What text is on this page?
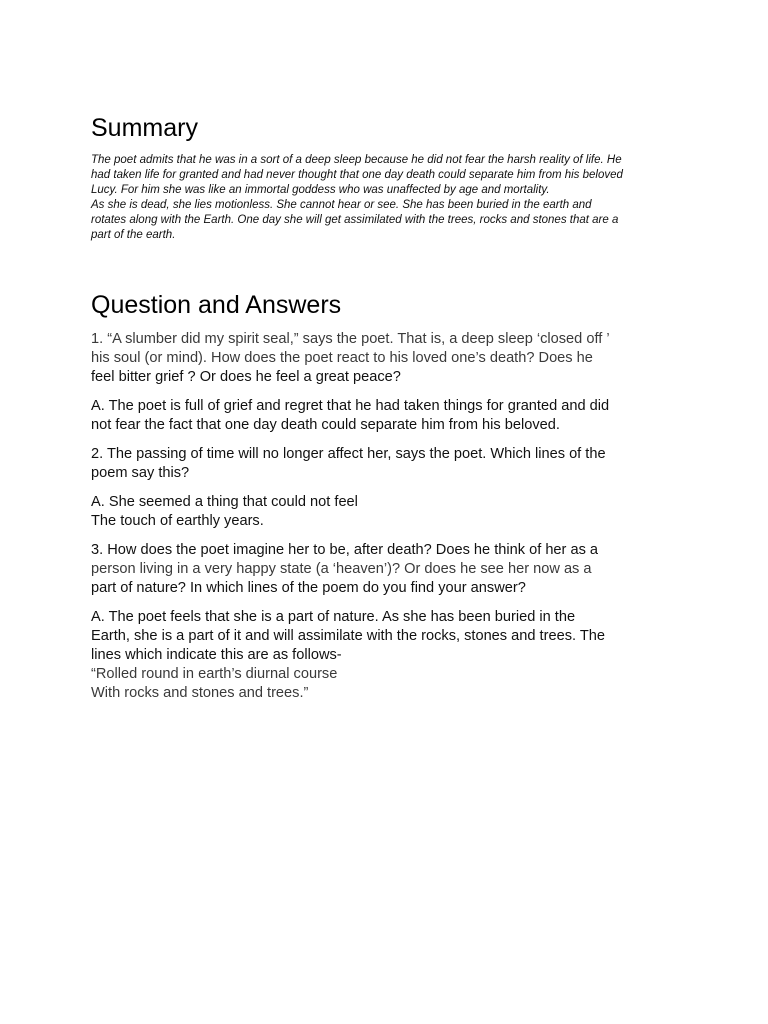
Summary

The poet admits that he was in a sort of a deep sleep because he did not fear the harsh reality of life. He

had taken life for granted and had never thought that one day death could separate him from his beloved

Lucy. For him she was like an immortal goddess who was unaffected by age and mortality.

As she is dead, she lies motionless. She cannot hear or see. She has been buried in the earth and

rotates along with the Earth. One day she will get assimilated with the trees, rocks and stones that are a

part of the earth.

Question and Answers
1. “A slumber did my spirit seal,” says the poet. That is, a deep sleep ‘closed off ’
his soul (or mind). How does the poet react to his loved one’s death? Does he
feel bitter grief ? Or does he feel a great peace?
A. The poet is full of grief and regret that he had taken things for granted and did
not fear the fact that one day death could separate him from his beloved.
2. The passing of time will no longer affect her, says the poet. Which lines of the
poem say this?
A. She seemed a thing that could not feel
The touch of earthly years.
3. How does the poet imagine her to be, after death? Does he think of her as a
person living in a very happy state (a ‘heaven’)? Or does he see her now as a
part of nature? In which lines of the poem do you find your answer?
A. The poet feels that she is a part of nature. As she has been buried in the
Earth, she is a part of it and will assimilate with the rocks, stones and trees. The
lines which indicate this are as follows-
“Rolled round in earth’s diurnal course
With rocks and stones and trees.”
